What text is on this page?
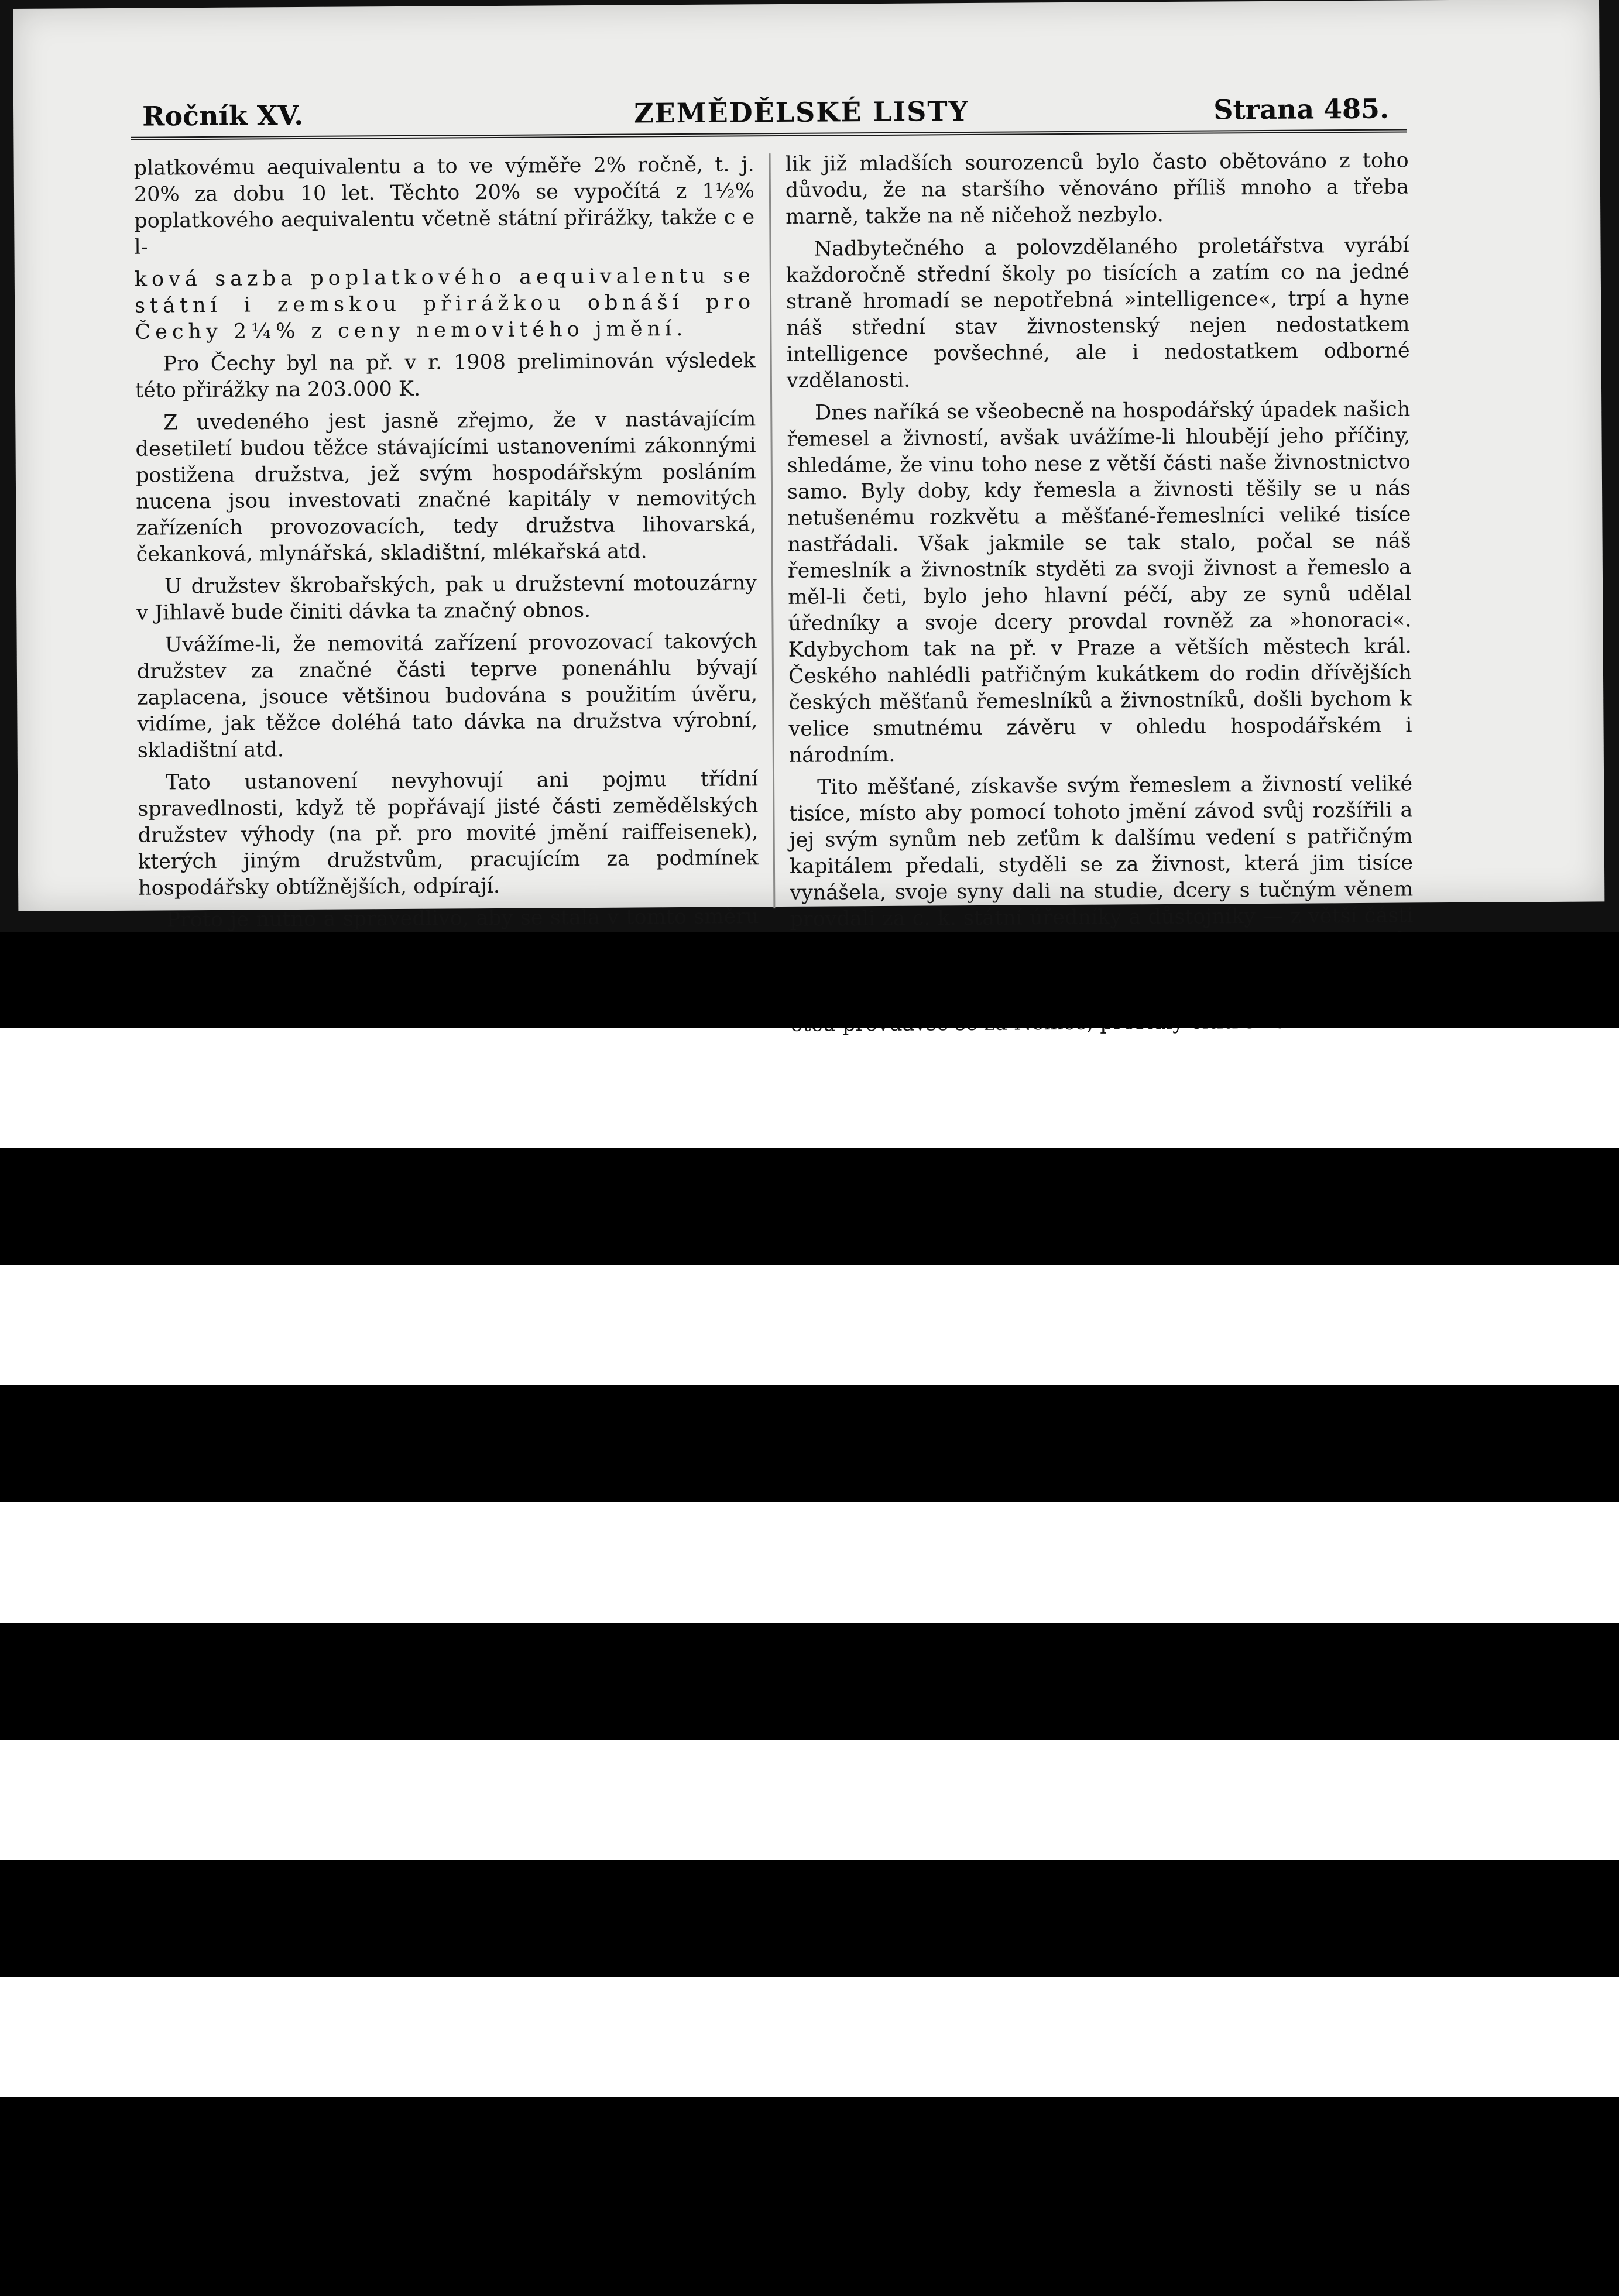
Ročník XV.	ZEMĚDĚLSKÉ LISTY	Strana 485.

platkovému aequivalentu a to ve výměře 2% ročně, t. j. 20% za dobu 10 let. Těchto 20% se vypočítá z 1½% poplatkového aequivalentu včetně státní přirážky, takže c e l-

ková sazba poplatkového aequivalentu se státní i zemskou přirážkou obnáší pro Čechy 2¼% z ceny nemovitého jmění.

Pro Čechy byl na př. v r. 1908 preliminován výsledek této přirážky na 203.000 K.

Z uvedeného jest jasně zřejmo, že v nastávajícím desetiletí budou těžce stávajícími ustanoveními zákonnými postižena družstva, jež svým hospodářským posláním nucena jsou investovati značné kapitály v nemovitých zařízeních provozovacích, tedy družstva lihovarská, čekanková, mlynářská, skladištní, mlékařská atd.

U družstev škrobařských, pak u družstevní motouzárny v Jihlavě bude činiti dávka ta značný obnos.

Uvážíme-li, že nemovitá zařízení provozovací takových družstev za značné části teprve ponenáhlu bývají zaplacena, jsouce většinou budována s použitím úvěru, vidíme, jak těžce doléhá tato dávka na družstva výrobní, skladištní atd.

Tato ustanovení nevyhovují ani pojmu třídní spravedlnosti, když tě popřávají jisté části zemědělských družstev výhody (na př. pro movité jmění raiffeisenek), kterých jiným družstvům, pracujícím za podmínek hospodářsky obtížnějších, odpírají.

Proto je nutno a spravedlivo, aby se stala v tomto směru

lik již mladších sourozenců bylo často obětováno z toho důvodu, že na staršího věnováno příliš mnoho a třeba marně, takže na ně ničehož nezbylo.

Nadbytečného a polovzdělaného proletářstva vyrábí každoročně střední školy po tisících a zatím co na jedné straně hromadí se nepotřebná »intelligence«, trpí a hyne náš střední stav živnostenský nejen nedostatkem intelligence povšechné, ale i nedostatkem odborné vzdělanosti.

Dnes naříká se všeobecně na hospodářský úpadek našich řemesel a živností, avšak uvážíme-li hloubějí jeho příčiny, shledáme, že vinu toho nese z větší části naše živnostnictvo samo. Byly doby, kdy řemesla a živnosti těšily se u nás netušenému rozkvětu a měšťané-řemeslníci veliké tisíce nastřádali. Však jakmile se tak stalo, počal se náš řemeslník a živnostník styděti za svoji živnost a řemeslo a měl-li četi, bylo jeho hlavní péčí, aby ze synů udělal úředníky a svoje dcery provdal rovněž za »honoraci«. Kdybychom tak na př. v Praze a větších městech král. Českého nahlédli patřičným kukátkem do rodin dřívějších českých měšťanů řemeslníků a živnostníků, došli bychom k velice smutnému závěru v ohledu hospodářském i národním.

Tito měšťané, získavše svým řemeslem a živností veliké tisíce, místo aby pomocí tohoto jmění závod svůj rozšířili a jej svým synům neb zeťům k dalšímu vedení s patřičným kapitálem předali, styděli se za živnost, která jim tisíce vynášela, svoje syny dali na studie, dcery s tučným věnem provdali za c. k. státní úředníky a důstojníky — z větší části
